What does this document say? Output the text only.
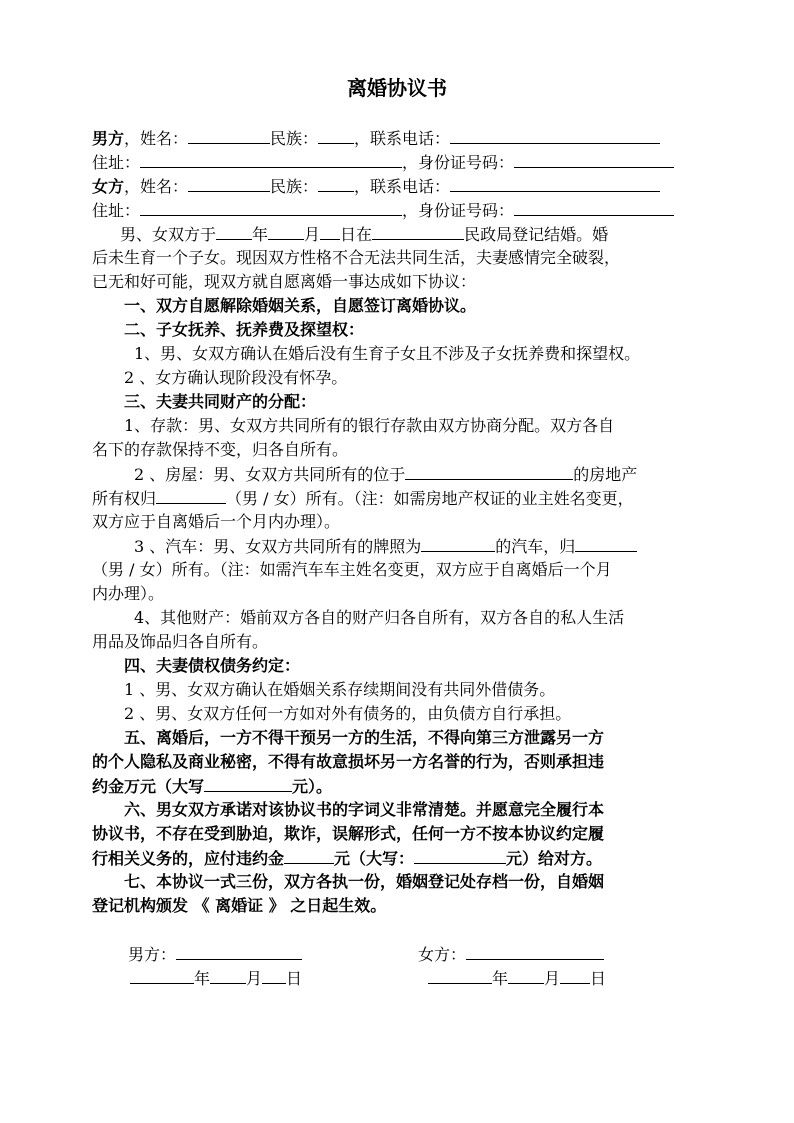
离婚协议书
男方，姓名：	民族： ，联系电话：
住址：	，身份证号码：
女方，姓名：	民族： ，联系电话：
住址：	，身份证号码：
男、女双方于 年 月 日在	民政局登记结婚。婚
后未生育一个子女。现因双方性格不合无法共同生活，夫妻感情完全破裂，
已无和好可能，现双方就自愿离婚一事达成如下协议：
一、双方自愿解除婚姻关系，自愿签订离婚协议。
二、子女抚养、抚养费及探望权：
1、男、女双方确认在婚后没有生育子女且不涉及子女抚养费和探望权。
2 、女方确认现阶段没有怀孕。
三、夫妻共同财产的分配：
1、存款：男、女双方共同所有的银行存款由双方协商分配。双方各自
名下的存款保持不变，归各自所有。
2 、房屋：男、女双方共同所有的位于	的房地产
所有权归	（男 / 女）所有。（注：如需房地产权证的业主姓名变更，
双方应于自离婚后一个月内办理）。
3 、汽车：男、女双方共同所有的牌照为	的汽车，归
（男 / 女）所有。（注：如需汽车车主姓名变更，双方应于自离婚后一个月
内办理）。
4、其他财产：婚前双方各自的财产归各自所有，双方各自的私人生活
用品及饰品归各自所有。
四、夫妻债权债务约定：
1 、男、女双方确认在婚姻关系存续期间没有共同外借债务。
2 、男、女双方任何一方如对外有债务的，由负债方自行承担。
五、离婚后，一方不得干预另一方的生活，不得向第三方泄露另一方
的个人隐私及商业秘密，不得有故意损坏另一方名誉的行为，否则承担违
约金万元（大写	元）。
六、男女双方承诺对该协议书的字词义非常清楚。并愿意完全履行本
协议书，不存在受到胁迫，欺诈，误解形式，任何一方不按本协议约定履
行相关义务的，应付违约金	元（大写：	元）给对方。
七、本协议一式三份，双方各执一份，婚姻登记处存档一份，自婚姻
登记机构颁发 《 离婚证 》 之日起生效。
男方：	女方：
年 月 日	年 月 日
